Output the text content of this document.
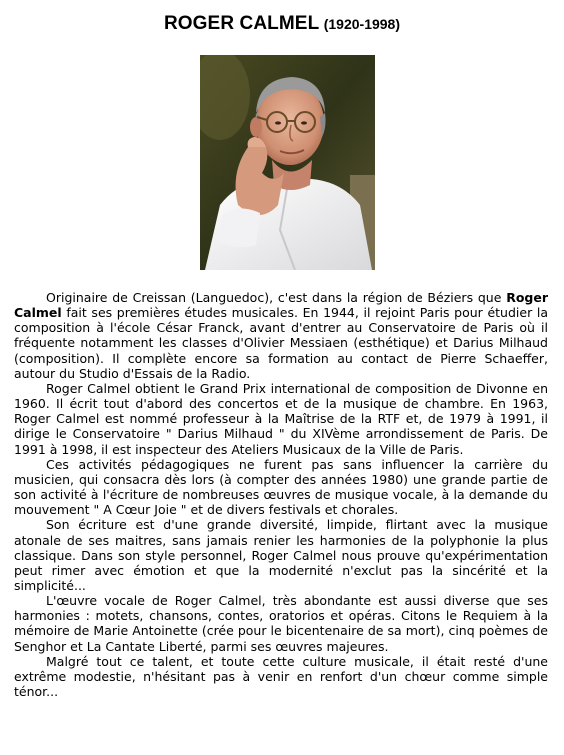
ROGER CALMEL (1920-1998)

Originaire de Creissan (Languedoc), c'est dans la région de Béziers que Roger Calmel fait ses premières études musicales. En 1944, il rejoint Paris pour étudier la composition à l'école César Franck, avant d'entrer au Conservatoire de Paris où il fréquente notamment les classes d'Olivier Messiaen (esthétique) et Darius Milhaud (composition). Il complète encore sa formation au contact de Pierre Schaeffer, autour du Studio d'Essais de la Radio.

Roger Calmel obtient le Grand Prix international de composition de Divonne en 1960. Il écrit tout d'abord des concertos et de la musique de chambre. En 1963, Roger Calmel est nommé professeur à la Maîtrise de la RTF et, de 1979 à 1991, il dirige le Conservatoire " Darius Milhaud " du XIVème arrondissement de Paris. De 1991 à 1998, il est inspecteur des Ateliers Musicaux de la Ville de Paris.

Ces activités pédagogiques ne furent pas sans influencer la carrière du musicien, qui consacra dès lors (à compter des années 1980) une grande partie de son activité à l'écriture de nombreuses œuvres de musique vocale, à la demande du mouvement " A Cœur Joie " et de divers festivals et chorales.

Son écriture est d'une grande diversité, limpide, flirtant avec la musique atonale de ses maitres, sans jamais renier les harmonies de la polyphonie la plus classique. Dans son style personnel, Roger Calmel nous prouve qu'expérimentation peut rimer avec émotion et que la modernité n'exclut pas la sincérité et la simplicité...

L'œuvre vocale de Roger Calmel, très abondante est aussi diverse que ses harmonies : motets, chansons, contes, oratorios et opéras. Citons le Requiem à la mémoire de Marie Antoinette (crée pour le bicentenaire de sa mort), cinq poèmes de Senghor et La Cantate Liberté, parmi ses œuvres majeures.

Malgré tout ce talent, et toute cette culture musicale, il était resté d'une extrême modestie, n'hésitant pas à venir en renfort d'un chœur comme simple ténor...
